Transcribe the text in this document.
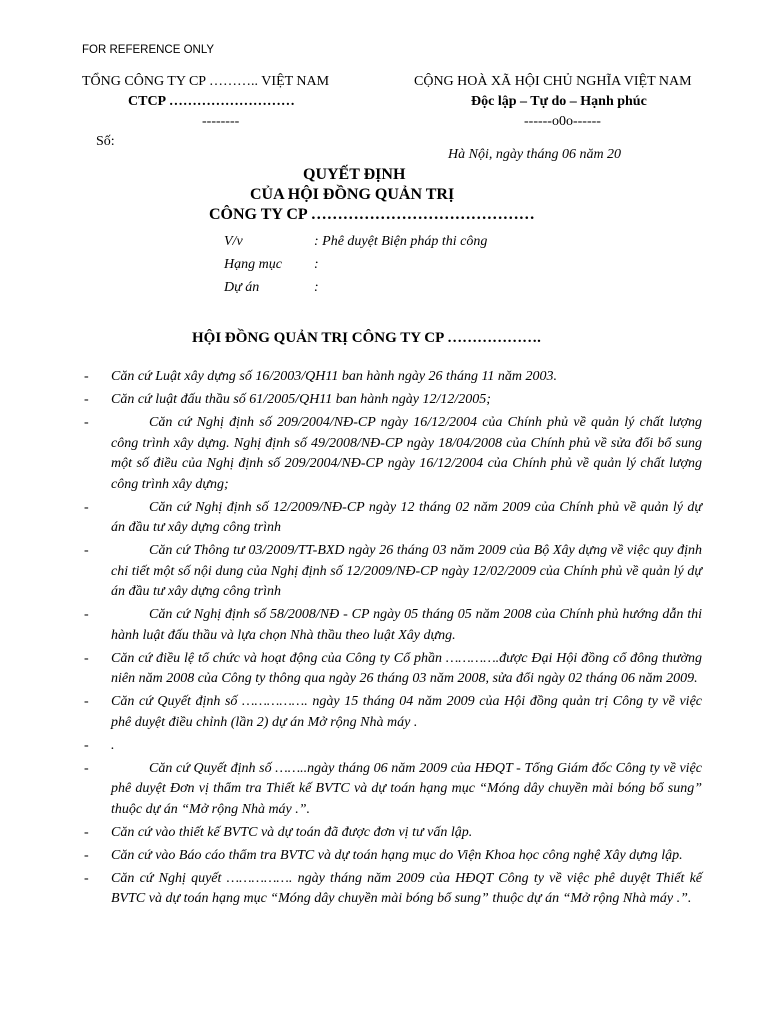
FOR REFERENCE ONLY
TỔNG CÔNG TY CP ……….. VIỆT NAM
CTCP ………………………
--------
CỘNG HOÀ XÃ HỘI CHỦ NGHĨA VIỆT NAM
Độc lập – Tự do – Hạnh phúc
------o0o------
Số:
Hà Nội, ngày tháng 06 năm 20
QUYẾT ĐỊNH
CỦA HỘI ĐỒNG QUẢN TRỊ
CÔNG TY CP ……………………………………
V/v	: Phê duyệt Biện pháp thi công
Hạng mục :
Dự án	:
HỘI ĐỒNG QUẢN TRỊ CÔNG TY CP ……………….
- Căn cứ Luật xây dựng số 16/2003/QH11 ban hành ngày 26 tháng 11 năm 2003.
- Căn cứ luật đấu thầu số 61/2005/QH11 ban hành ngày 12/12/2005;
-	Căn cứ Nghị định số 209/2004/NĐ-CP ngày 16/12/2004 của Chính phủ về quản lý chất lượng công trình xây dựng. Nghị định số 49/2008/NĐ-CP ngày 18/04/2008 của Chính phủ về sửa đổi bổ sung một số điều của Nghị định số 209/2004/NĐ-CP ngày 16/12/2004 của Chính phủ về quản lý chất lượng công trình xây dựng;
-	Căn cứ Nghị định số 12/2009/NĐ-CP ngày 12 tháng 02 năm 2009 của Chính phủ về quản lý dự án đầu tư xây dựng công trình
-	Căn cứ Thông tư 03/2009/TT-BXD ngày 26 tháng 03 năm 2009 của Bộ Xây dựng về việc quy định chi tiết một số nội dung của Nghị định số 12/2009/NĐ-CP ngày 12/02/2009 của Chính phủ về quản lý dự án đầu tư xây dựng công trình
-	Căn cứ Nghị định số 58/2008/NĐ - CP ngày 05 tháng 05 năm 2008 của Chính phủ hướng dẫn thi hành luật đấu thầu và lựa chọn Nhà thầu theo luật Xây dựng.
- Căn cứ điều lệ tổ chức và hoạt động của Công ty Cổ phần ………….được Đại Hội đồng cổ đông thường niên năm 2008 của Công ty thông qua ngày 26 tháng 03 năm 2008, sửa đổi ngày 02 tháng 06 năm 2009.
- Căn cứ Quyết định số ……………. ngày 15 tháng 04 năm 2009 của Hội đồng quản trị Công ty về việc phê duyệt điều chỉnh (lần 2) dự án Mở rộng Nhà máy .
- .
-	Căn cứ Quyết định số ……..ngày tháng 06 năm 2009 của HĐQT - Tổng Giám đốc Công ty về việc phê duyệt Đơn vị thẩm tra Thiết kế BVTC và dự toán hạng mục “Móng dây chuyền mài bóng bổ sung” thuộc dự án “Mở rộng Nhà máy .”.
- Căn cứ vào thiết kế BVTC và dự toán đã được đơn vị tư vấn lập.
- Căn cứ vào Báo cáo thẩm tra BVTC và dự toán hạng mục do Viện Khoa học công nghệ Xây dựng lập.
- Căn cứ Nghị quyết ……………. ngày tháng năm 2009 của HĐQT Công ty về việc phê duyệt Thiết kế BVTC và dự toán hạng mục “Móng dây chuyền mài bóng bổ sung” thuộc dự án “Mở rộng Nhà máy .”.
